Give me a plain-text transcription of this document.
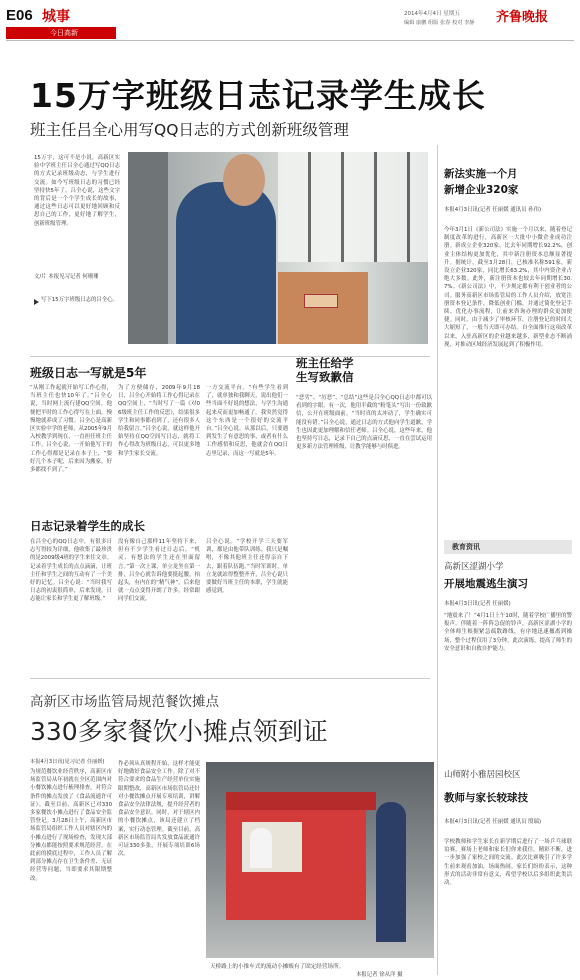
E06 城事
今日高新
2014年4月4日 星期五
编辑 康鹏 组版 张春 校对 李静 齐鲁晚报
15万字班级日志记录学生成长
班主任吕全心用写QQ日志的方式创新班级管理
15万字，这可不是小说。高新区实验中学班主任吕全心通过写QQ日志的方式记录班级动态，与学生进行交流。如今写班级日志的习惯已经坚持快5年了。吕全心说，这些文字的背后是一个个学生成长的故事，通过这些日志可以更好地回顾和反思自己的工作，更好地了解学生，创新班级管理。
文/片 本报见习记者 何珊珊
写下15万字班级日志的吕全心。
班级日志一写就是5年
“从刚工作起就开始写工作心得，当班主任也快10年了。”吕全心说，当时网上流行建QQ空间，他便把平时的工作心得写在上面，慢慢地就养成了习惯。吕全心是高新区实验中学的老师，从2005年9月入校教学到现在，一直担任班主任工作。吕全心说，一开始他写下的工作心得都是记录在本子上，“要好几个本子呢，后来因为搬家，好多都找不到了。”
为了方便储存，2009年9月18日，吕全心开始将工作心得记录在QQ空间上，“当时写了一篇《对06级班主任工作的反思》，结果很多学生和同事都看到了，还有很多人给我留言。”吕全心说，就这样他开始坚持在QQ空间写日志，就将工作心得改为班级日志，可以更多地和学生家长交流。
一方交流平台。“有些学生看到了，就单独和我聊天，说出他们一些当面不好说的想法，与学生沟通起来反而更加畅通了。我突然觉得这个东西是一个很好的交流平台。”吕全心说。从那以后，只要遇到发生了有意思的事，或者有什么工作感悟和反思，他就会在QQ日志里记录，而这一写就是5年。
日志记录着学生的成长
在吕全心的QQ日志中，有很多日志写得较为详细，他收集了最珍贵的是2009级4班的学生来往文章。记录着学生成长的点点滴滴，让班主任和学生之间的互动有了一个美好的记忆。吕全心说：“当时我写日志的初衷很简单，后来发现，日志能让家长和学生更了解班级。”
没有像自己那样11年坚持下来，但有不少学生看过日志后，“机灵、有想法的学生还在里面留言。”第一次上课，单立龙坐在第一排，吕全心就告诉他要挺起腰，抬起头，有内在的“精气神”。后来他就一点点变得开朗了许多，经常跟同学们交流。
吕全心说。“学校开学三天要军训，都是由他带队训练。我只是嘱咐，不像其他班主任还得亲自下去，跟着队伍跑。”当时军训时，单立龙就站得整整齐齐，吕全心说只要做好当班主任的本职，学生就能感觉到。
班主任给学生写致歉信
“恶劣”、“厉恶”、“总结”这些是吕全心QQ日志中都可以看到的字眼。有一次，他用半截的“粉笔头”写出一份致歉信，公开在班级面前。“当时真的太冲动了，学生确实可能没有错。”吕全心说，通过日志的方式他向学生道歉，学生也因此更加理解和信任老师。吕全心说，这些年来，他也坚持写日志，记录下自己的点滴反思，一直在尝试运用更多新方法管理班级，让教学能够与时俱进。
新法实施一个月
新增企业320家
本报4月3日讯(记者 任丽媛 通讯员 孙伟)
今年3月1日《新公司法》实施一个月以来，随着登记制度改革的进行，高新区一大批中小微企业成功注册。新成立企业320家，比去年同期增长92.2%，创业主体结构更加优化，其中新注册资本总额显著提升。据统计，截至3月28日，已核准名称591家，新设立企业320家，同比增长63.2%，其中内资企业占绝大多数。此外，新注册资本也较去年同期增长30.7%。《新公司法》中，不少规定都有利于创业者的公司。服务高新区市场监管局的工作人员介绍，放宽注册资本登记条件，降低创业门槛，并通过简化登记手续、优化办事流程，让前来咨询办理的群众更加便捷。同时，由于减少了审核环节，注册登记的时间大大缩短了，一般当天即可办结。自全面推行这项改革以来，入驻高新区的企业越来越多，新型业态不断涌现，对推动区域经济发展起到了积极作用。
教育资讯
高新区涩湖小学
开展地震逃生演习
本报4月3日讯(记者 任丽媛)
“地震来了！”4月1日上午10时，随着学校广播里的警报声，伴随着一阵阵急促的铃声，高新区涩湖小学的全体师生根据紧急疏散路线，有序地迅速撤离到操场，整个过程仅用了3分钟。此次演练，提高了师生的安全意识和自救自护能力。
山师附小雅居园校区
教师与家长较球技
本报4月3日讯(记者 任丽媛 通讯员 殷瑞)
学校教师和学生家长在新学期后进行了一场乒乓球联谊赛，赛场上老师和家长们你来我往，精彩不断，进一步加强了家校之间的交流。此次比赛吸引了许多学生前来观看加油，场面热闹。家长们纷纷表示，这种形式的活动非常有意义，希望学校以后多组织此类活动。
高新区市场监管局规范餐饮摊点
330多家餐饮小摊点领到证
为规范餐饮业经营秩序，高新区市场监管局从年初就在全区范围内对小餐饮摊点进行梳理排查，对符合条件的摊点发放了《食品流通许可证》。截至目前，高新区已对330多家餐饮小摊点进行了食品安全监管登记。3月28日上午，高新区市场监管局组织工作人员对辖区内的小摊点进行了现场检查，发现大部分摊点都能按照要求规范经营。在此前的摸底过程中，工作人员了解到部分摊点存在卫生条件差、无证经营等问题，当即要求其限期整改。
本报4月3日讯(见习记者 任丽媛)	作必须从真规程开始，这样才能更好地做好食品安全工作。除了对不符合要求的食品生产经营单位实施限期整改，高新区市场监管局还针对小餐饮摊点开展专项培训，讲解食品安全法律法规，提升经营者的食品安全意识。同时，对于辖区内的小餐饮摊点，该局还建立了档案，实行动态管理。截至目前，高新区市场监管局共发放食品流通许可证330多张，开展专项培训6场次。
天桥路上的小推车式的流动小摊贩有了固定经营场所。
本报记者 徐从洋 摄
